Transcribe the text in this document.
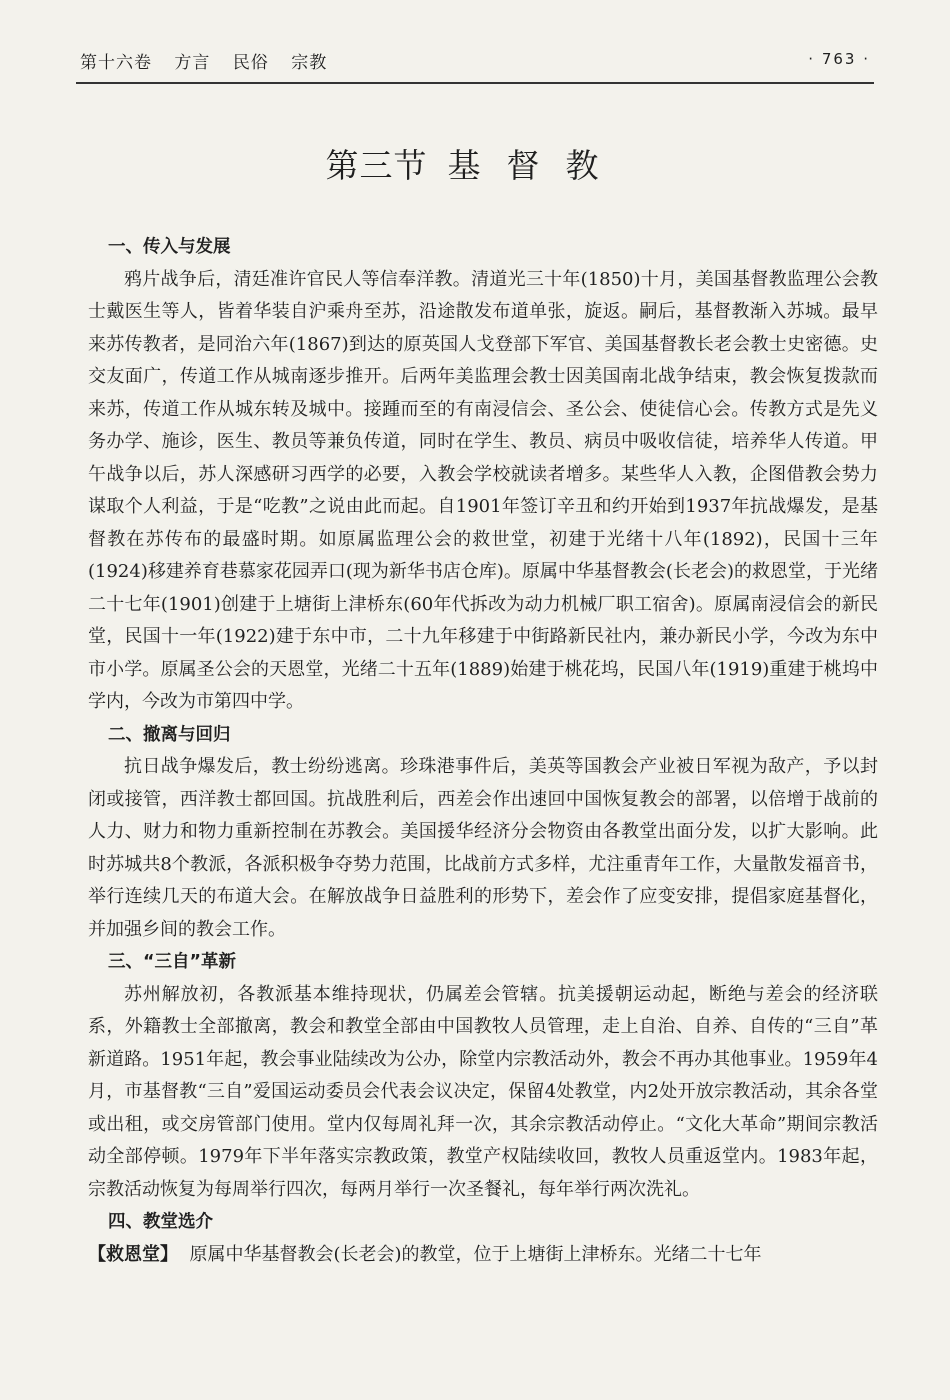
第十六卷 方言 民俗 宗教	· 763 ·
第三节 基督教
一、传入与发展

鸦片战争后，清廷准许官民人等信奉洋教。清道光三十年(1850)十月，美国基督教监理公会教士戴医生等人，皆着华装自沪乘舟至苏，沿途散发布道单张，旋返。嗣后，基督教渐入苏城。最早来苏传教者，是同治六年(1867)到达的原英国人戈登部下军官、美国基督教长老会教士史密德。史交友面广，传道工作从城南逐步推开。后两年美监理会教士因美国南北战争结束，教会恢复拨款而来苏，传道工作从城东转及城中。接踵而至的有南浸信会、圣公会、使徒信心会。传教方式是先义务办学、施诊，医生、教员等兼负传道，同时在学生、教员、病员中吸收信徒，培养华人传道。甲午战争以后，苏人深感研习西学的必要，入教会学校就读者增多。某些华人入教，企图借教会势力谋取个人利益，于是“吃教”之说由此而起。自1901年签订辛丑和约开始到1937年抗战爆发，是基督教在苏传布的最盛时期。如原属监理公会的救世堂，初建于光绪十八年(1892)，民国十三年(1924)移建养育巷慕家花园弄口(现为新华书店仓库)。原属中华基督教会(长老会)的救恩堂，于光绪二十七年(1901)创建于上塘街上津桥东(60年代拆改为动力机械厂职工宿舍)。原属南浸信会的新民堂，民国十一年(1922)建于东中市，二十九年移建于中街路新民社内，兼办新民小学，今改为东中市小学。原属圣公会的天恩堂，光绪二十五年(1889)始建于桃花坞，民国八年(1919)重建于桃坞中学内，今改为市第四中学。

二、撤离与回归

抗日战争爆发后，教士纷纷逃离。珍珠港事件后，美英等国教会产业被日军视为敌产，予以封闭或接管，西洋教士都回国。抗战胜利后，西差会作出速回中国恢复教会的部署，以倍增于战前的人力、财力和物力重新控制在苏教会。美国援华经济分会物资由各教堂出面分发，以扩大影响。此时苏城共8个教派，各派积极争夺势力范围，比战前方式多样，尤注重青年工作，大量散发福音书，举行连续几天的布道大会。在解放战争日益胜利的形势下，差会作了应变安排，提倡家庭基督化，并加强乡间的教会工作。

三、“三自”革新

苏州解放初，各教派基本维持现状，仍属差会管辖。抗美援朝运动起，断绝与差会的经济联系，外籍教士全部撤离，教会和教堂全部由中国教牧人员管理，走上自治、自养、自传的“三自”革新道路。1951年起，教会事业陆续改为公办，除堂内宗教活动外，教会不再办其他事业。1959年4月，市基督教“三自”爱国运动委员会代表会议决定，保留4处教堂，内2处开放宗教活动，其余各堂或出租，或交房管部门使用。堂内仅每周礼拜一次，其余宗教活动停止。“文化大革命”期间宗教活动全部停顿。1979年下半年落实宗教政策，教堂产权陆续收回，教牧人员重返堂内。1983年起，宗教活动恢复为每周举行四次，每两月举行一次圣餐礼，每年举行两次洗礼。

四、教堂选介

【救恩堂】 原属中华基督教会(长老会)的教堂，位于上塘街上津桥东。光绪二十七年
